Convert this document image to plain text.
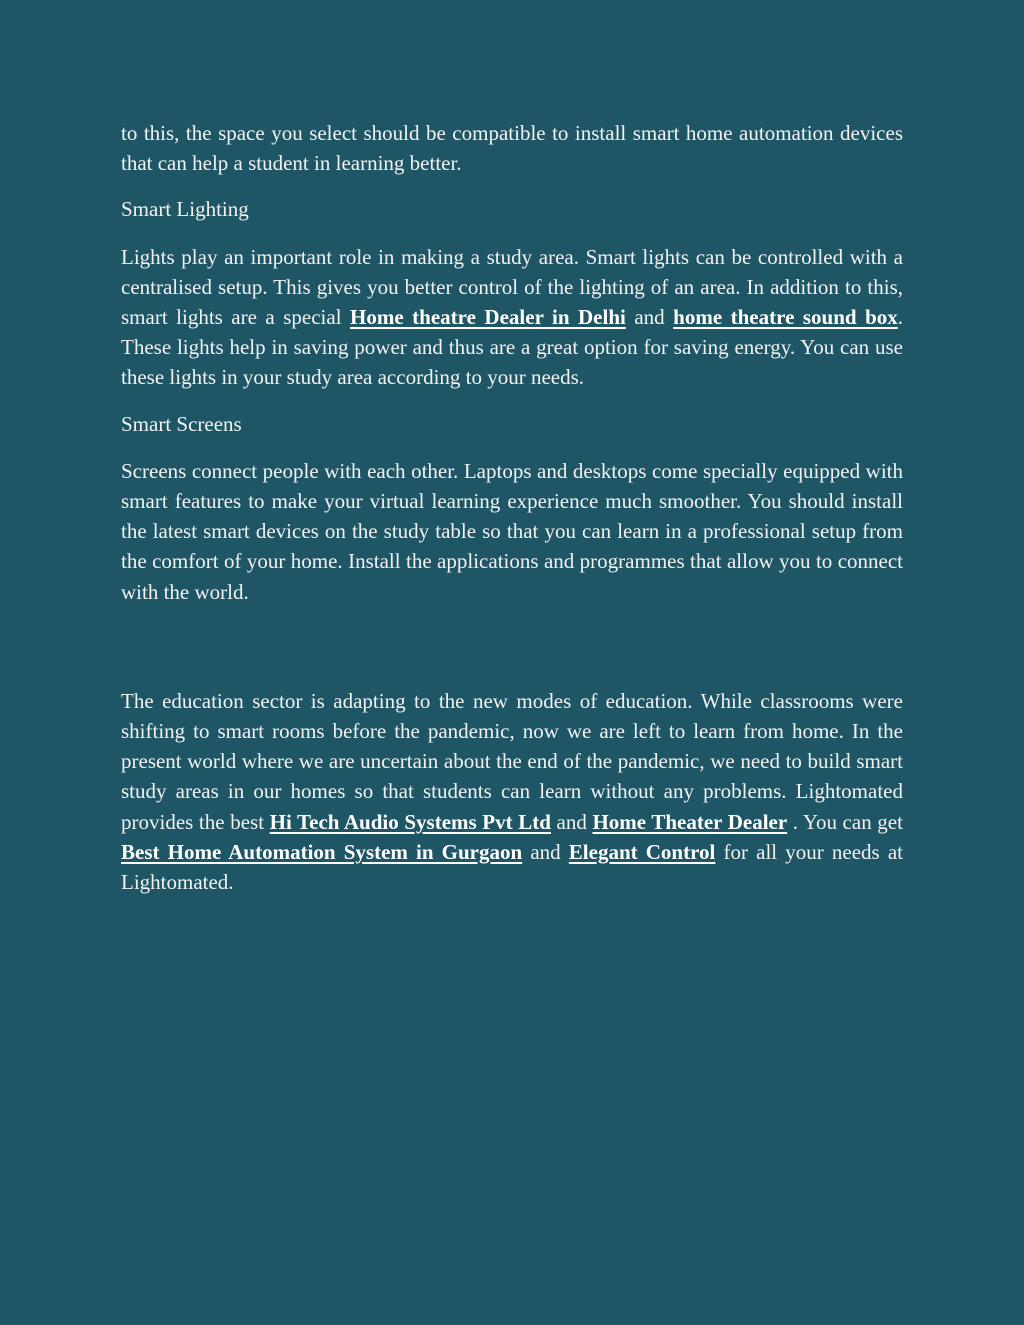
to this, the space you select should be compatible to install smart home automation devices that can help a student in learning better.

Smart Lighting

Lights play an important role in making a study area. Smart lights can be controlled with a centralised setup. This gives you better control of the lighting of an area. In addition to this, smart lights are a special Home theatre Dealer in Delhi and home theatre sound box. These lights help in saving power and thus are a great option for saving energy. You can use these lights in your study area according to your needs.

Smart Screens

Screens connect people with each other. Laptops and desktops come specially equipped with smart features to make your virtual learning experience much smoother. You should install the latest smart devices on the study table so that you can learn in a professional setup from the comfort of your home. Install the applications and programmes that allow you to connect with the world.

The education sector is adapting to the new modes of education. While classrooms were shifting to smart rooms before the pandemic, now we are left to learn from home. In the present world where we are uncertain about the end of the pandemic, we need to build smart study areas in our homes so that students can learn without any problems. Lightomated provides the best Hi Tech Audio Systems Pvt Ltd and Home Theater Dealer . You can get Best Home Automation System in Gurgaon and Elegant Control for all your needs at Lightomated.
